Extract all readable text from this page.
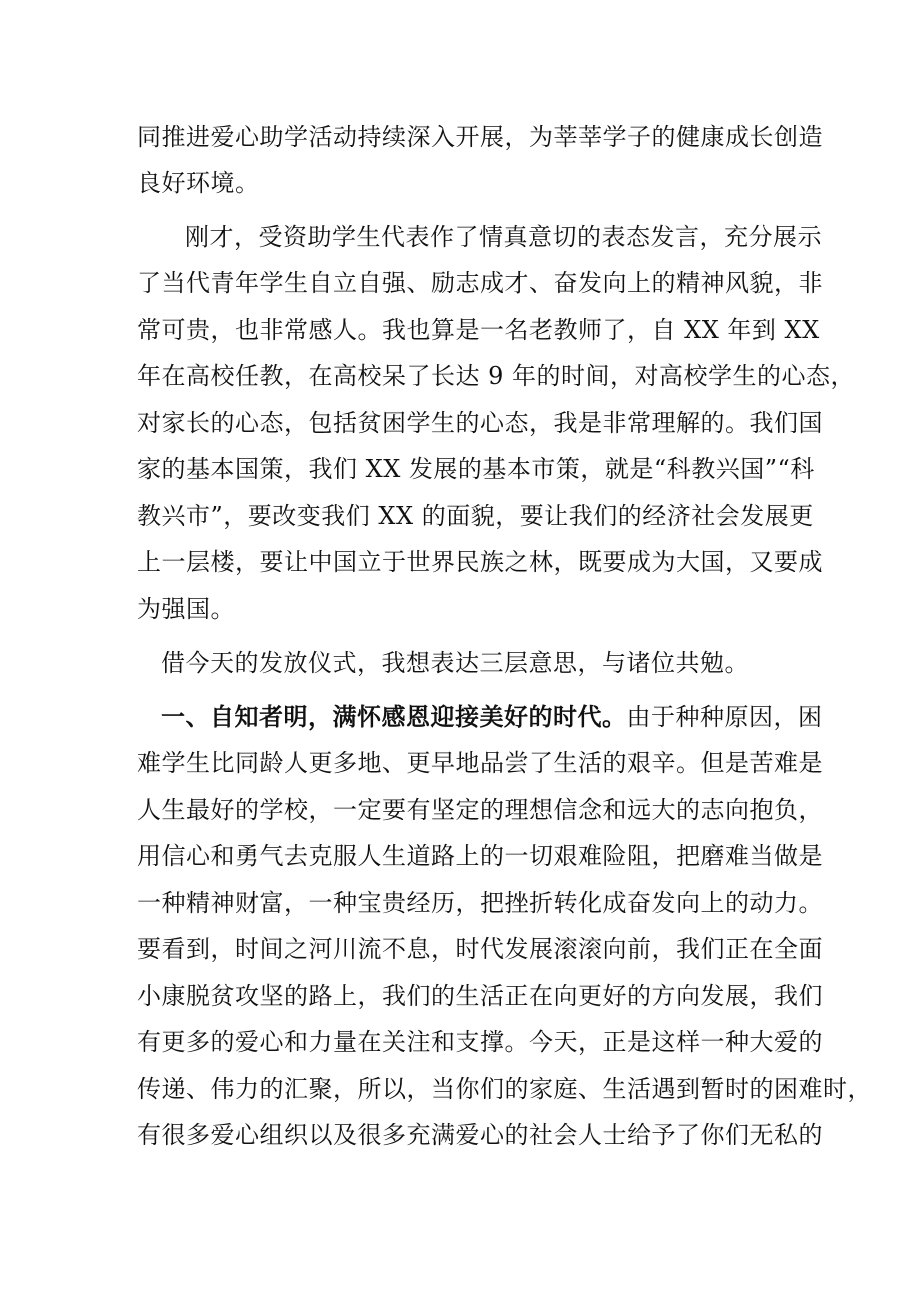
同推进爱心助学活动持续深入开展，为莘莘学子的健康成长创造
良好环境。
刚才，受资助学生代表作了情真意切的表态发言，充分展示
了当代青年学生自立自强、励志成才、奋发向上的精神风貌，非
常可贵，也非常感人。我也算是一名老教师了，自 XX 年到 XX
年在高校任教，在高校呆了长达 9 年的时间，对高校学生的心态，
对家长的心态，包括贫困学生的心态，我是非常理解的。我们国
家的基本国策，我们 XX 发展的基本市策，就是“科教兴国”“科
教兴市”，要改变我们 XX 的面貌，要让我们的经济社会发展更
上一层楼，要让中国立于世界民族之林，既要成为大国，又要成
为强国。
借今天的发放仪式，我想表达三层意思，与诸位共勉。
一、自知者明，满怀感恩迎接美好的时代。由于种种原因，困
难学生比同龄人更多地、更早地品尝了生活的艰辛。但是苦难是
人生最好的学校，一定要有坚定的理想信念和远大的志向抱负，
用信心和勇气去克服人生道路上的一切艰难险阻，把磨难当做是
一种精神财富，一种宝贵经历，把挫折转化成奋发向上的动力。
要看到，时间之河川流不息，时代发展滚滚向前，我们正在全面
小康脱贫攻坚的路上，我们的生活正在向更好的方向发展，我们
有更多的爱心和力量在关注和支撑。今天，正是这样一种大爱的
传递、伟力的汇聚，所以，当你们的家庭、生活遇到暂时的困难时，
有很多爱心组织以及很多充满爱心的社会人士给予了你们无私的
